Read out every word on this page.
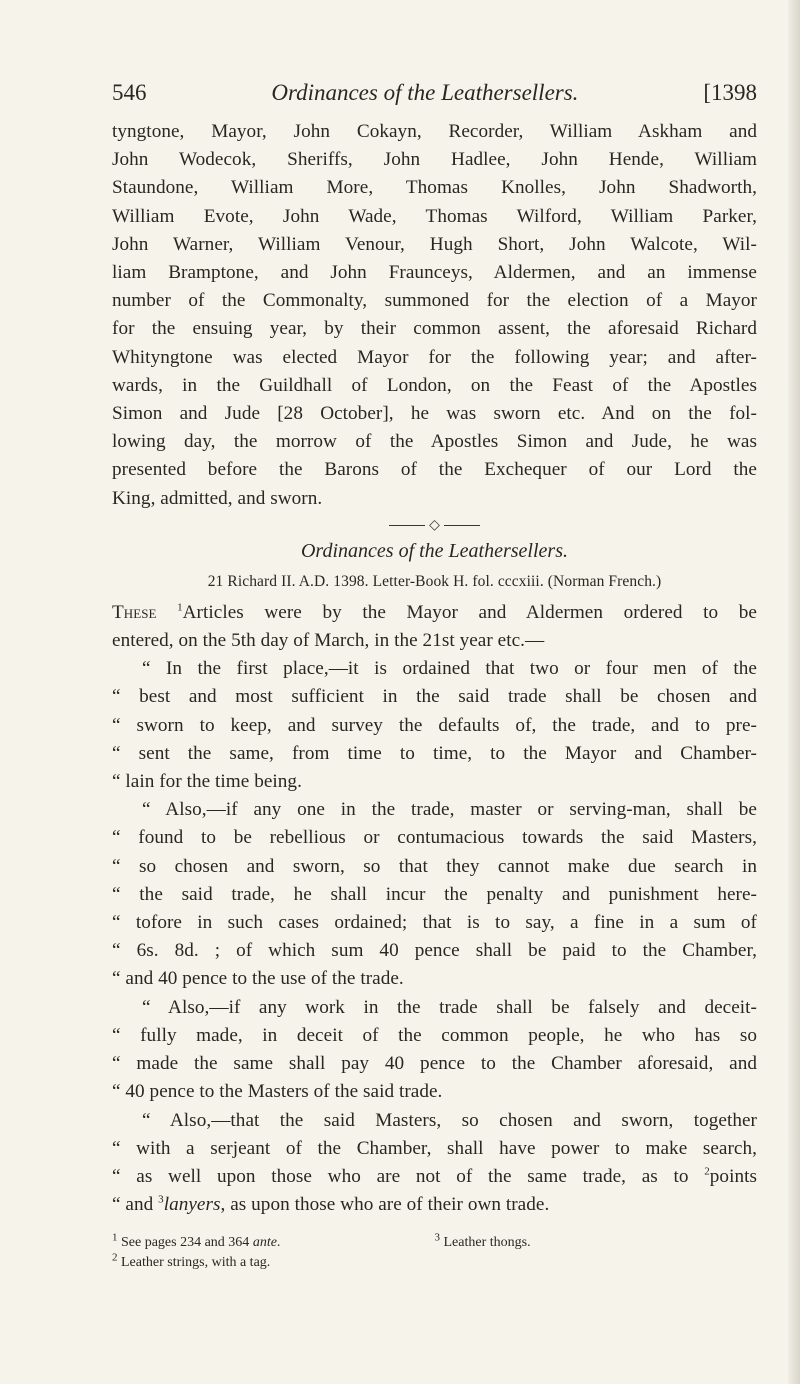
546	Ordinances of the Leathersellers.	[1398

tyngtone, Mayor, John Cokayn, Recorder, William Askham and
John Wodecok, Sheriffs, John Hadlee, John Hende, William
Staundone, William More, Thomas Knolles, John Shadworth,
William Evote, John Wade, Thomas Wilford, William Parker,
John Warner, William Venour, Hugh Short, John Walcote, Wil-
liam Bramptone, and John Fraunceys, Aldermen, and an immense
number of the Commonalty, summoned for the election of a Mayor
for the ensuing year, by their common assent, the aforesaid Richard
Whityngtone was elected Mayor for the following year; and after-
wards, in the Guildhall of London, on the Feast of the Apostles
Simon and Jude [28 October], he was sworn etc. And on the fol-
lowing day, the morrow of the Apostles Simon and Jude, he was
presented before the Barons of the Exchequer of our Lord the
King, admitted, and sworn.

◇
Ordinances of the Leathersellers.

21 Richard II. A.D. 1398. Letter-Book H. fol. cccxiii. (Norman French.)

These $^1$Articles were by the Mayor and Aldermen ordered to be
entered, on the 5th day of March, in the 21st year etc.—

“ In the first place,—it is ordained that two or four men of the
“ best and most sufficient in the said trade shall be chosen and
“ sworn to keep, and survey the defaults of, the trade, and to pre-
“ sent the same, from time to time, to the Mayor and Chamber-
“ lain for the time being.

“ Also,—if any one in the trade, master or serving-man, shall be
“ found to be rebellious or contumacious towards the said Masters,
“ so chosen and sworn, so that they cannot make due search in
“ the said trade, he shall incur the penalty and punishment here-
“ tofore in such cases ordained; that is to say, a fine in a sum of
“ 6s. 8d. ; of which sum 40 pence shall be paid to the Chamber,
“ and 40 pence to the use of the trade.

“ Also,—if any work in the trade shall be falsely and deceit-
“ fully made, in deceit of the common people, he who has so
“ made the same shall pay 40 pence to the Chamber aforesaid, and
“ 40 pence to the Masters of the said trade.

“ Also,—that the said Masters, so chosen and sworn, together
“ with a serjeant of the Chamber, shall have power to make search,
“ as well upon those who are not of the same trade, as to $^2$points
“ and $^3$lanyers, as upon those who are of their own trade.

$^1$ See pages 234 and 364 ante.	$^3$ Leather thongs.
$^2$ Leather strings, with a tag.
